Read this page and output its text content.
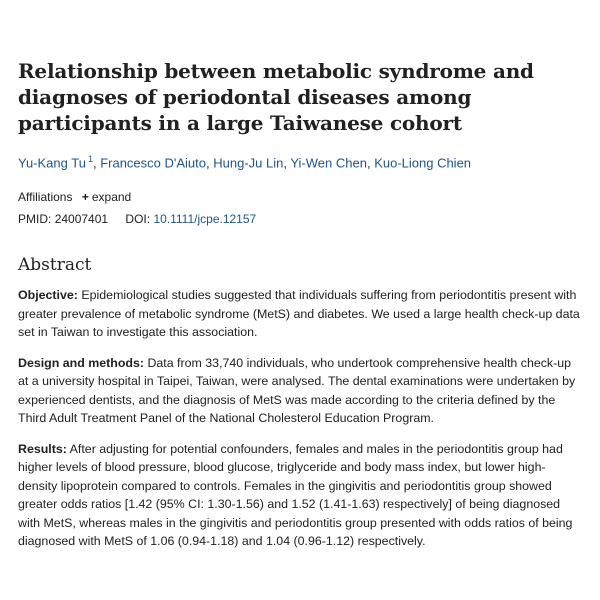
Relationship between metabolic syndrome and diagnoses of periodontal diseases among participants in a large Taiwanese cohort
Yu-Kang Tu $^1$, Francesco D'Aiuto, Hung-Ju Lin, Yi-Wen Chen, Kuo-Liong Chien
Affiliations + expand
PMID: 24007401 DOI: 10.1111/jcpe.12157
Abstract

Objective: Epidemiological studies suggested that individuals suffering from periodontitis present with greater prevalence of metabolic syndrome (MetS) and diabetes. We used a large health check-up data set in Taiwan to investigate this association.

Design and methods: Data from 33,740 individuals, who undertook comprehensive health check-up at a university hospital in Taipei, Taiwan, were analysed. The dental examinations were undertaken by experienced dentists, and the diagnosis of MetS was made according to the criteria defined by the Third Adult Treatment Panel of the National Cholesterol Education Program.

Results: After adjusting for potential confounders, females and males in the periodontitis group had higher levels of blood pressure, blood glucose, triglyceride and body mass index, but lower high-density lipoprotein compared to controls. Females in the gingivitis and periodontitis group showed greater odds ratios [1.42 (95% CI: 1.30-1.56) and 1.52 (1.41-1.63) respectively] of being diagnosed with MetS, whereas males in the gingivitis and periodontitis group presented with odds ratios of being diagnosed with MetS of 1.06 (0.94-1.18) and 1.04 (0.96-1.12) respectively.
